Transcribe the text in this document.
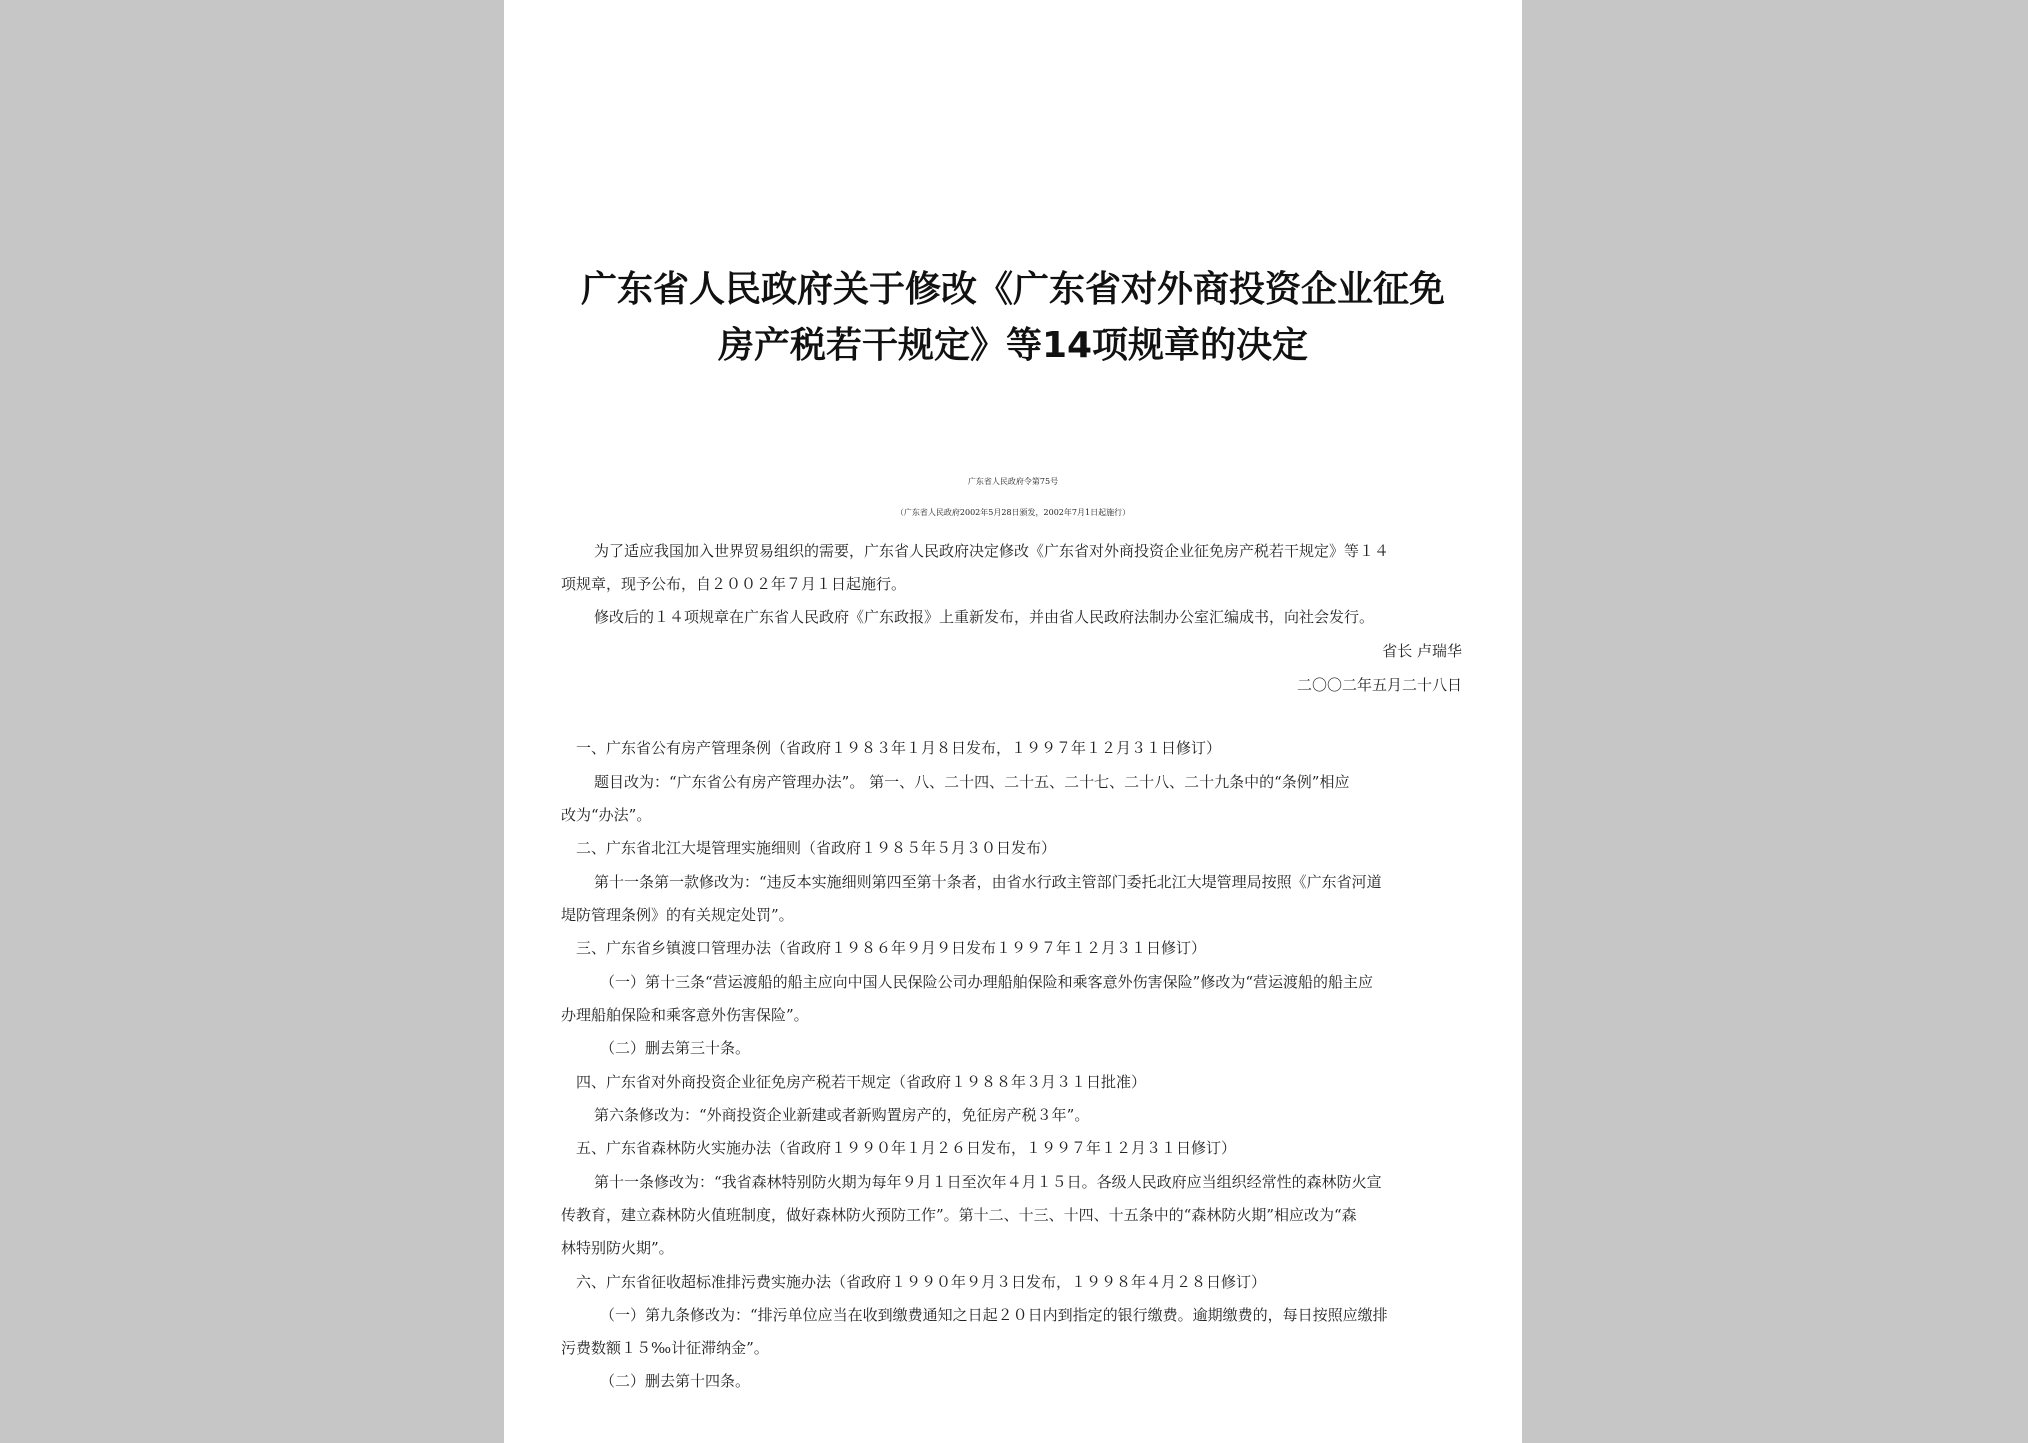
广东省人民政府关于修改《广东省对外商投资企业征免
房产税若干规定》等14项规章的决定
广东省人民政府令第75号
（广东省人民政府2002年5月28日颁发，2002年7月1日起施行）
为了适应我国加入世界贸易组织的需要，广东省人民政府决定修改《广东省对外商投资企业征免房产税若干规定》等１４
项规章，现予公布，自２００２年７月１日起施行。
修改后的１４项规章在广东省人民政府《广东政报》上重新发布，并由省人民政府法制办公室汇编成书，向社会发行。
省长 卢瑞华
二〇〇二年五月二十八日
一、广东省公有房产管理条例（省政府１９８３年１月８日发布，１９９７年１２月３１日修订）
题目改为：“广东省公有房产管理办法”。 第一、八、二十四、二十五、二十七、二十八、二十九条中的“条例”相应
改为“办法”。
二、广东省北江大堤管理实施细则（省政府１９８５年５月３０日发布）
第十一条第一款修改为：“违反本实施细则第四至第十条者，由省水行政主管部门委托北江大堤管理局按照《广东省河道
堤防管理条例》的有关规定处罚”。
三、广东省乡镇渡口管理办法（省政府１９８６年９月９日发布１９９７年１２月３１日修订）
（一）第十三条“营运渡船的船主应向中国人民保险公司办理船舶保险和乘客意外伤害保险”修改为“营运渡船的船主应
办理船舶保险和乘客意外伤害保险”。
（二）删去第三十条。
四、广东省对外商投资企业征免房产税若干规定（省政府１９８８年３月３１日批准）
第六条修改为：“外商投资企业新建或者新购置房产的，免征房产税３年”。
五、广东省森林防火实施办法（省政府１９９０年１月２６日发布，１９９７年１２月３１日修订）
第十一条修改为：“我省森林特别防火期为每年９月１日至次年４月１５日。各级人民政府应当组织经常性的森林防火宣
传教育，建立森林防火值班制度，做好森林防火预防工作”。第十二、十三、十四、十五条中的“森林防火期”相应改为“森
林特别防火期”。
六、广东省征收超标准排污费实施办法（省政府１９９０年９月３日发布，１９９８年４月２８日修订）
（一）第九条修改为：“排污单位应当在收到缴费通知之日起２０日内到指定的银行缴费。逾期缴费的，每日按照应缴排
污费数额１５‰计征滞纳金”。
（二）删去第十四条。
